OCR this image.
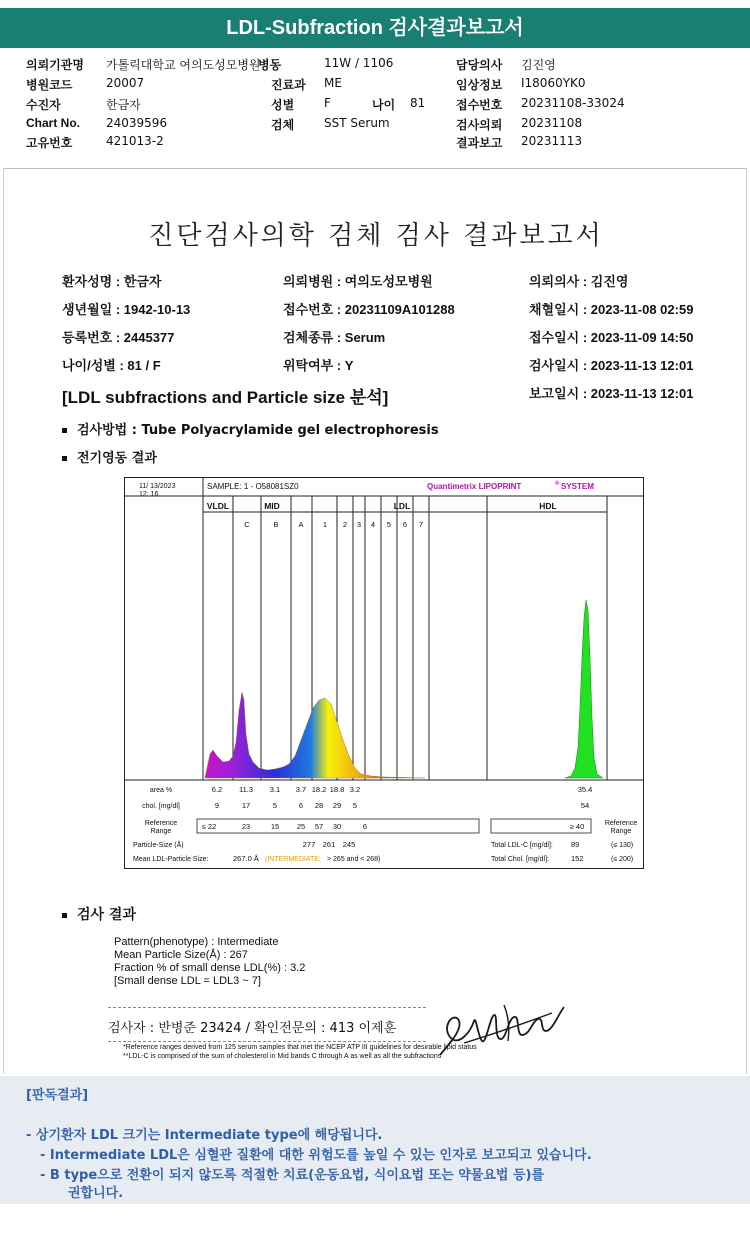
LDL-Subfraction 검사결과보고서
의뢰기관명 가톨릭대학교 여의도성모병원
병동	11W / 1106	담당의사 김진영
병원코드	20007	진료과 ME	임상정보 I18060YK0
수진자	한금자	성별 F	나이 81	접수번호 20231108-33024
Chart No. 24039596	검체 SST Serum	검사의뢰 20231108
고유번호	421013-2	결과보고 20231113
진단검사의학 검체 검사 결과보고서
환자성명 : 한금자	의뢰병원 : 여의도성모병원	의뢰의사 : 김진영
생년월일 : 1942-10-13	접수번호 : 20231109A101288	채혈일시 : 2023-11-08 02:59
등록번호 : 2445377	검체종류 : Serum	접수일시 : 2023-11-09 14:50
나이/성별 : 81 / F	위탁여부 : Y	검사일시 : 2023-11-13 12:01
[LDL subfractions and Particle size 분석]	보고일시 : 2023-11-13 12:01
검사방법 : Tube Polyacrylamide gel electrophoresis
전기영동 결과
11/ 13/2023
12: 16
SAMPLE: 1 - O58081SZ0	Quantimetrix LIPOPRINT	® SYSTEM
VLDL	MID	LDL	HDL
C	B	A	1 2 3 4 5 6 7
area %	6.2 11.3 3.1 3.7 18.2 18.8 3.2	35.4
chol. [mg/dl]	9	17	5	6 28 29 5	54
Reference
Range
Reference
Range
≤ 22	23	15 25 57 30	6	≥ 40
Particle-Size (Å)	277 261 245	Total LDL-C [mg/dl]: 89	(≤ 130)
Mean LDL-Particle Size:	267.0 Å (INTERMEDIATE; > 265 and < 268)	Total Chol. [mg/dl]:	152	(≤ 200)
검사 결과
Pattern(phenotype) : Intermediate
Mean Particle Size(Å) : 267
Fraction % of small dense LDL(%) : 3.2
[Small dense LDL = LDL3 ~ 7]
검사자 : 반병준 23424 / 확인전문의 : 413 이제훈
[판독결과]
- 상기환자 LDL 크기는 Intermediate type에 해당됩니다.
- Intermediate LDL은 심혈관 질환에 대한 위험도를 높일 수 있는 인자로 보고되고 있습니다.
- B type으로 전환이 되지 않도록 적절한 치료(운동요법, 식이요법 또는 약물요법 등)를
권합니다.
*Reference ranges derived from 125 serum samples that met the NCEP ATP III guidelines for desirable lipid status
**LDL-C is comprised of the sum of cholesterol in Mid bands C through A as well as all the subfractions
